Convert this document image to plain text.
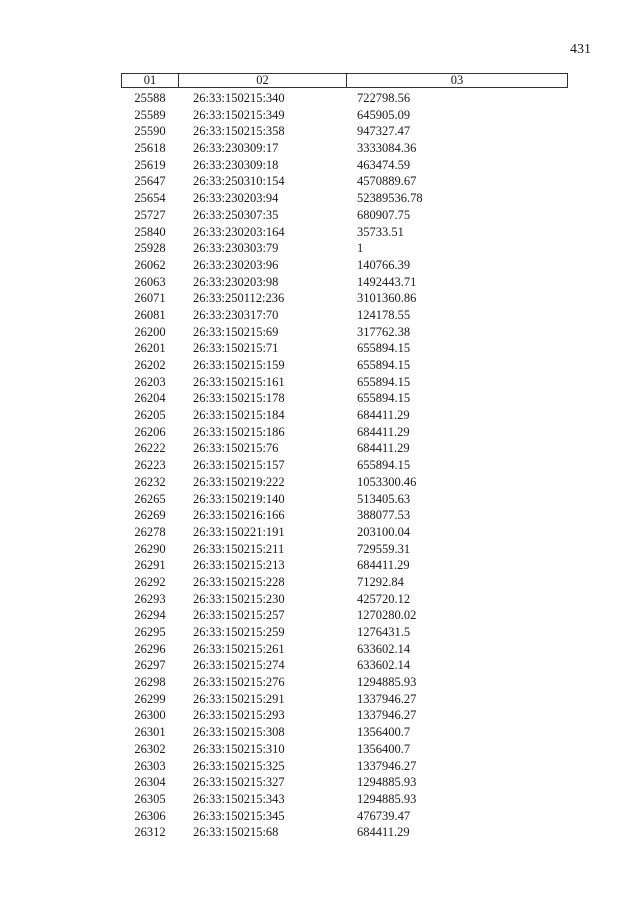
431
01	02	03
25588	26:33:150215:340	722798.56
25589	26:33:150215:349	645905.09
25590	26:33:150215:358	947327.47
25618	26:33:230309:17	3333084.36
25619	26:33:230309:18	463474.59
25647	26:33:250310:154	4570889.67
25654	26:33:230203:94	52389536.78
25727	26:33:250307:35	680907.75
25840	26:33:230203:164	35733.51
25928	26:33:230303:79	1
26062	26:33:230203:96	140766.39
26063	26:33:230203:98	1492443.71
26071	26:33:250112:236	3101360.86
26081	26:33:230317:70	124178.55
26200	26:33:150215:69	317762.38
26201	26:33:150215:71	655894.15
26202	26:33:150215:159	655894.15
26203	26:33:150215:161	655894.15
26204	26:33:150215:178	655894.15
26205	26:33:150215:184	684411.29
26206	26:33:150215:186	684411.29
26222	26:33:150215:76	684411.29
26223	26:33:150215:157	655894.15
26232	26:33:150219:222	1053300.46
26265	26:33:150219:140	513405.63
26269	26:33:150216:166	388077.53
26278	26:33:150221:191	203100.04
26290	26:33:150215:211	729559.31
26291	26:33:150215:213	684411.29
26292	26:33:150215:228	71292.84
26293	26:33:150215:230	425720.12
26294	26:33:150215:257	1270280.02
26295	26:33:150215:259	1276431.5
26296	26:33:150215:261	633602.14
26297	26:33:150215:274	633602.14
26298	26:33:150215:276	1294885.93
26299	26:33:150215:291	1337946.27
26300	26:33:150215:293	1337946.27
26301	26:33:150215:308	1356400.7
26302	26:33:150215:310	1356400.7
26303	26:33:150215:325	1337946.27
26304	26:33:150215:327	1294885.93
26305	26:33:150215:343	1294885.93
26306	26:33:150215:345	476739.47
26312	26:33:150215:68	684411.29
